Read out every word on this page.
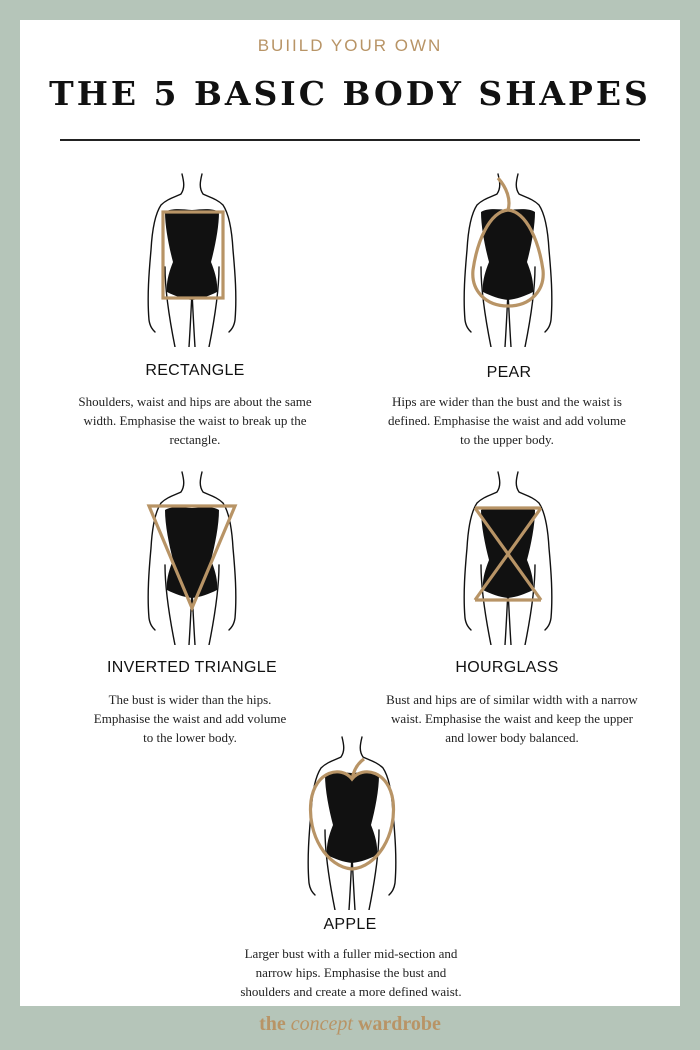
BUIILD YOUR OWN
THE 5 BASIC BODY SHAPES
RECTANGLE	PEAR
INVERTED TRIANGLE	HOURGLASS
APPLE
Shoulders, waist and hips are about the same width. Emphasise the waist to break up the rectangle.
Hips are wider than the bust and the waist is defined. Emphasise the waist and add volume to the upper body.
The bust is wider than the hips. Emphasise the waist and add volume to the lower body.
Bust and hips are of similar width with a narrow waist. Emphasise the waist and keep the upper and lower body balanced.
Larger bust with a fuller mid-section and narrow hips. Emphasise the bust and shoulders and create a more defined waist.
the concept wardrobe
